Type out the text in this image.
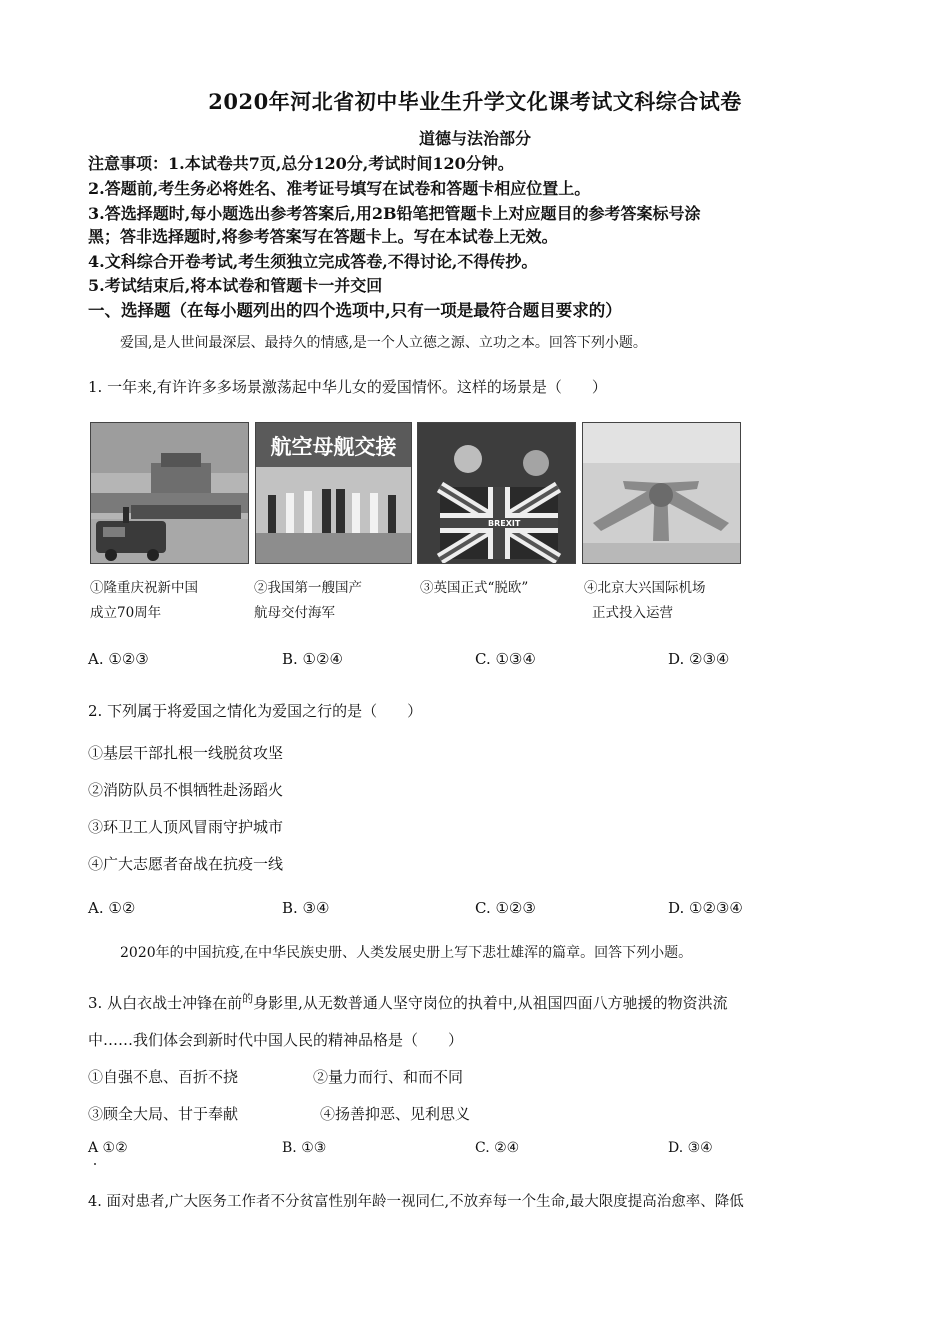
2020年河北省初中毕业生升学文化课考试文科综合试卷
道德与法治部分
注意事项：1.本试卷共7页,总分120分,考试时间120分钟。
2.答题前,考生务必将姓名、准考证号填写在试卷和答题卡相应位置上。
3.答选择题时,每小题选出参考答案后,用2B铅笔把管题卡上对应题目的参考答案标号涂
黑；答非选择题时,将参考答案写在答题卡上。写在本试卷上无效。
4.文科综合开卷考试,考生须独立完成答卷,不得讨论,不得传抄。
5.考试结束后,将本试卷和管题卡一并交回
一、选择题（在每小题列出的四个选项中,只有一项是最符合题目要求的）
爱国,是人世间最深层、最持久的情感,是一个人立德之源、立功之本。回答下列小题。
1. 一年来,有许许多多场景激荡起中华儿女的爱国情怀。这样的场景是（　　）
航空母舰交接
BREXIT
①隆重庆祝新中国
成立70周年
②我国第一艘国产
航母交付海军
③英国正式“脱欧”	④北京大兴国际机场
正式投入运营
A. ①②③	B. ①②④	C. ①③④	D. ②③④
2. 下列属于将爱国之情化为爱国之行的是（　　）
①基层干部扎根一线脱贫攻坚
②消防队员不惧牺牲赴汤蹈火
③环卫工人顶风冒雨守护城市
④广大志愿者奋战在抗疫一线
A. ①②	B. ③④	C. ①②③	D. ①②③④
2020年的中国抗疫,在中华民族史册、人类发展史册上写下悲壮雄浑的篇章。回答下列小题。
3. 从白衣战士冲锋在前$^的$身影里,从无数普通人坚守岗位的执着中,从祖国四面八方驰援的物资洪流
中……我们体会到新时代中国人民的精神品格是（　　）
①自强不息、百折不挠	②量力而行、和而不同
③顾全大局、甘于奉献	④扬善抑恶、见利思义
A ①②	B. ①③	C. ②④	D. ③④
4. 面对患者,广大医务工作者不分贫富性别年龄一视同仁,不放弃每一个生命,最大限度提高治愈率、降低
